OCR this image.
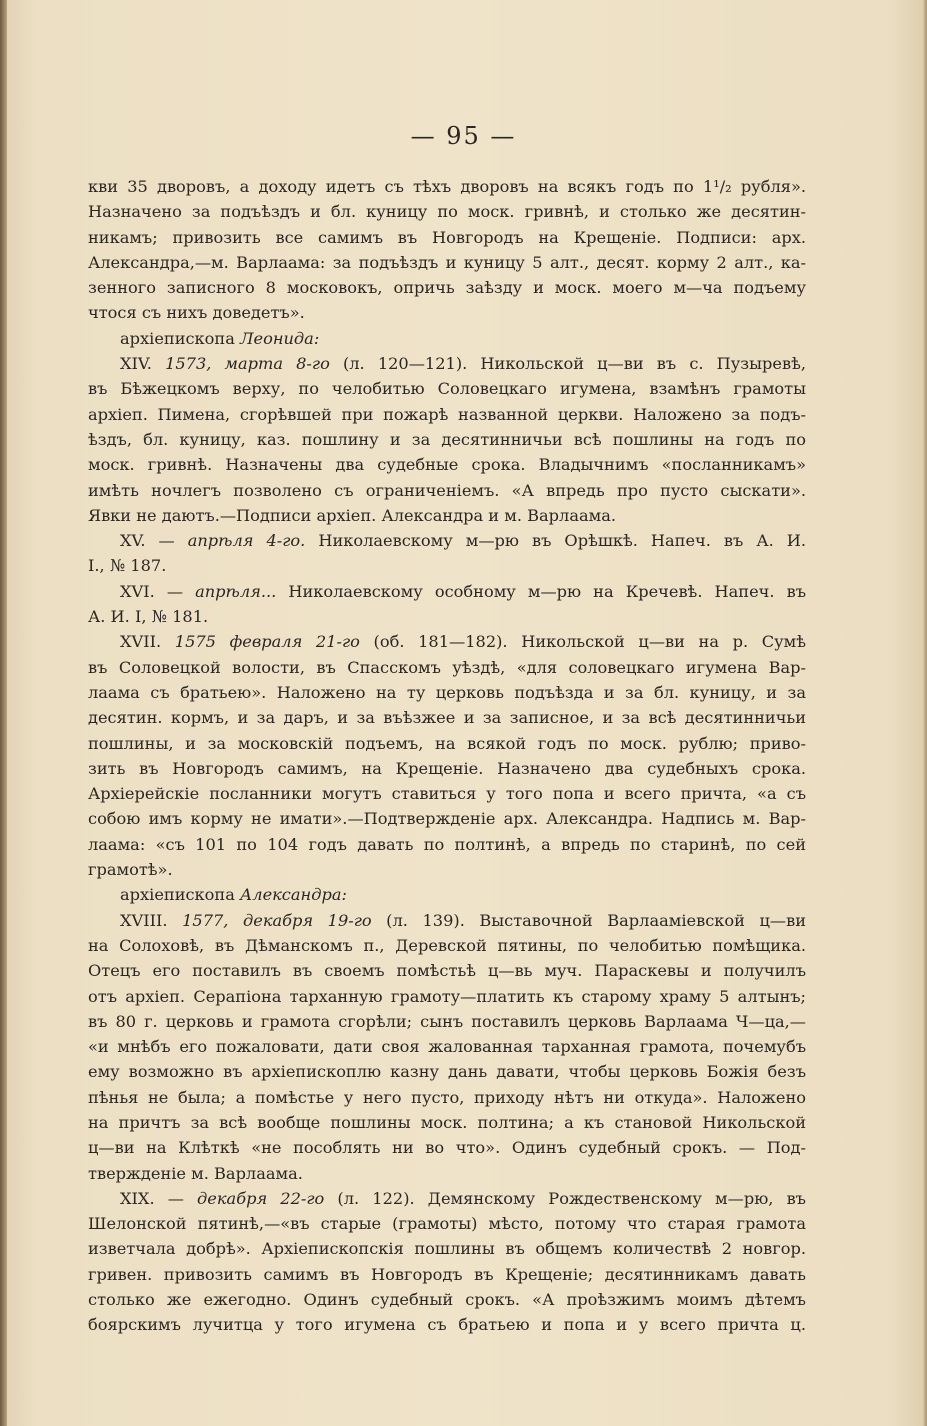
— 95 —
кви 35 дворовъ, а доходу идетъ съ тѣхъ дворовъ на всякъ годъ по 1¹/₂ рубля».
Назначено за подъѣздъ и бл. куницу по моск. гривнѣ, и столько же десятин-
никамъ; привозить все самимъ въ Новгородъ на Крещеніе. Подписи: арх.
Александра,—м. Варлаама: за подъѣздъ и куницу 5 алт., десят. корму 2 алт., ка-
зенного записного 8 московокъ, опричь заѣзду и моск. моего м—ча подъему
чтося съ нихъ доведетъ».
архіепископа Леонида:
XIV. 1573, марта 8-го (л. 120—121). Никольской ц—ви въ с. Пузыревѣ,
въ Бѣжецкомъ верху, по челобитью Соловецкаго игумена, взамѣнъ грамоты
архіеп. Пимена, сгорѣвшей при пожарѣ названной церкви. Наложено за подъ-
ѣздъ, бл. куницу, каз. пошлину и за десятинничьи всѣ пошлины на годъ по
моск. гривнѣ. Назначены два судебные срока. Владычнимъ «посланникамъ»
имѣть ночлегъ позволено съ ограниченіемъ. «А впредь про пусто сыскати».
Явки не даютъ.—Подписи архіеп. Александра и м. Варлаама.
XV. — апрѣля 4-го. Николаевскому м—рю въ Орѣшкѣ. Напеч. въ А. И.
I., № 187.
XVI. — апрѣля... Николаевскому особному м—рю на Кречевѣ. Напеч. въ
А. И. I, № 181.
XVII. 1575 февраля 21-го (об. 181—182). Никольской ц—ви на р. Сумѣ
въ Соловецкой волости, въ Спасскомъ уѣздѣ, «для соловецкаго игумена Вар-
лаама съ братьею». Наложено на ту церковь подъѣзда и за бл. куницу, и за
десятин. кормъ, и за даръ, и за въѣзжее и за записное, и за всѣ десятинничьи
пошлины, и за московскій подъемъ, на всякой годъ по моск. рублю; приво-
зить въ Новгородъ самимъ, на Крещеніе. Назначено два судебныхъ срока.
Архіерейскіе посланники могутъ ставиться у того попа и всего причта, «а съ
собою имъ корму не имати».—Подтвержденіе арх. Александра. Надпись м. Вар-
лаама: «съ 101 по 104 годъ давать по полтинѣ, а впредь по старинѣ, по сей
грамотѣ».
архіепископа Александра:
XVIII. 1577, декабря 19-го (л. 139). Выставочной Варлааміевской ц—ви
на Солоховѣ, въ Дѣманскомъ п., Деревской пятины, по челобитью помѣщика.
Отецъ его поставилъ въ своемъ помѣстьѣ ц—вь муч. Параскевы и получилъ
отъ архіеп. Серапіона тарханную грамоту—платить къ старому храму 5 алтынъ;
въ 80 г. церковь и грамота сгорѣли; сынъ поставилъ церковь Варлаама Ч—ца,—
«и мнѣбъ его пожаловати, дати своя жалованная тарханная грамота, почемубъ
ему возможно въ архіепископлю казну дань давати, чтобы церковь Божія безъ
пѣнья не была; а помѣстье у него пусто, приходу нѣтъ ни откуда». Наложено
на причтъ за всѣ вообще пошлины моск. полтина; а къ становой Никольской
ц—ви на Клѣткѣ «не пособлять ни во что». Одинъ судебный срокъ. — Под-
твержденіе м. Варлаама.
XIX. — декабря 22-го (л. 122). Демянскому Рождественскому м—рю, въ
Шелонской пятинѣ,—«въ старые (грамоты) мѣсто, потому что старая грамота
изветчала добрѣ». Архіепископскія пошлины въ общемъ количествѣ 2 новгор.
гривен. привозить самимъ въ Новгородъ въ Крещеніе; десятинникамъ давать
столько же ежегодно. Одинъ судебный срокъ. «А проѣзжимъ моимъ дѣтемъ
боярскимъ лучитца у того игумена съ братьею и попа и у всего причта ц.
